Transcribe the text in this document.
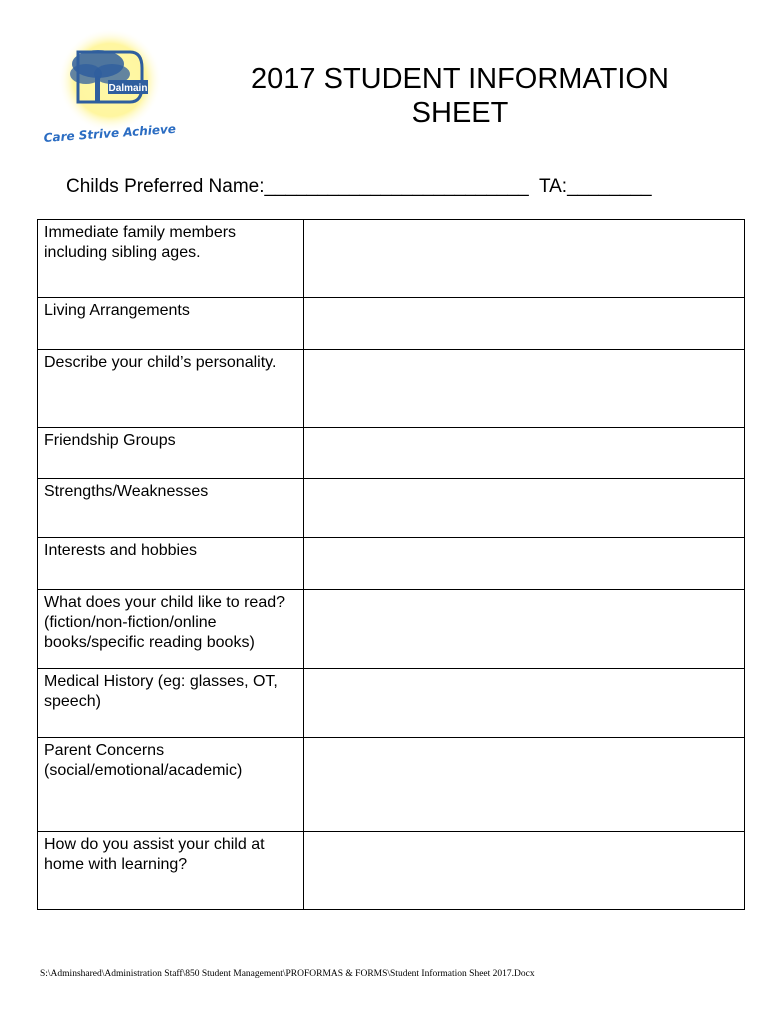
Dalmain
Care Strive Achieve
2017 STUDENT INFORMATION
SHEET
Childs Preferred Name:_________________________ TA:________
Immediate family members including sibling ages.	
Living Arrangements	
Describe your child’s personality.	
Friendship Groups	
Strengths/Weaknesses	
Interests and hobbies	
What does your child like to read? (fiction/non-fiction/online books/specific reading books)	
Medical History (eg: glasses, OT, speech)	
Parent Concerns (social/emotional/academic)	
How do you assist your child at home with learning?	
S:\Adminshared\Administration Staff\850 Student Management\PROFORMAS & FORMS\Student Information Sheet 2017.Docx
